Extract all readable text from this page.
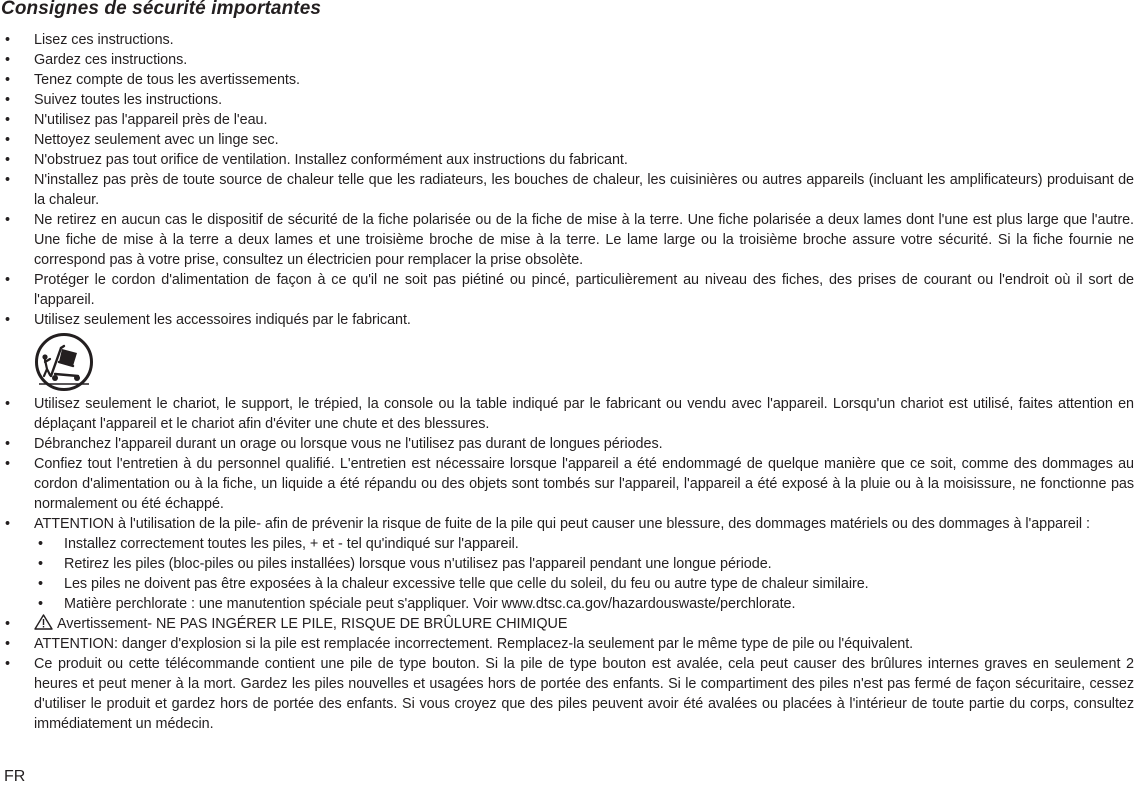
Consignes de sécurité importantes
• Lisez ces instructions.
• Gardez ces instructions.
• Tenez compte de tous les avertissements.
• Suivez toutes les instructions.
• N'utilisez pas l'appareil près de l'eau.
• Nettoyez seulement avec un linge sec.
• N'obstruez pas tout orifice de ventilation. Installez conformément aux instructions du fabricant.
• N'installez pas près de toute source de chaleur telle que les radiateurs, les bouches de chaleur, les cuisinières ou autres appareils (incluant les amplificateurs) produisant de la chaleur.
• Ne retirez en aucun cas le dispositif de sécurité de la fiche polarisée ou de la fiche de mise à la terre. Une fiche polarisée a deux lames dont l'une est plus large que l'autre. Une fiche de mise à la terre a deux lames et une troisième broche de mise à la terre. Le lame large ou la troisième broche assure votre sécurité. Si la fiche fournie ne correspond pas à votre prise, consultez un électricien pour remplacer la prise obsolète.
• Protéger le cordon d'alimentation de façon à ce qu'il ne soit pas piétiné ou pincé, particulièrement au niveau des fiches, des prises de courant ou l'endroit où il sort de l'appareil.
• Utilisez seulement les accessoires indiqués par le fabricant.
• Utilisez seulement le chariot, le support, le trépied, la console ou la table indiqué par le fabricant ou vendu avec l'appareil. Lorsqu'un chariot est utilisé, faites attention en déplaçant l'appareil et le chariot afin d'éviter une chute et des blessures.
• Débranchez l'appareil durant un orage ou lorsque vous ne l'utilisez pas durant de longues périodes.
• Confiez tout l'entretien à du personnel qualifié. L'entretien est nécessaire lorsque l'appareil a été endommagé de quelque manière que ce soit, comme des dommages au cordon d'alimentation ou à la fiche, un liquide a été répandu ou des objets sont tombés sur l'appareil, l'appareil a été exposé à la pluie ou à la moisissure, ne fonctionne pas normalement ou été échappé.
• ATTENTION à l'utilisation de la pile- afin de prévenir la risque de fuite de la pile qui peut causer une blessure, des dommages matériels ou des dommages à l'appareil :
• Installez correctement toutes les piles, + et - tel qu'indiqué sur l'appareil.
• Retirez les piles (bloc-piles ou piles installées) lorsque vous n'utilisez pas l'appareil pendant une longue période.
• Les piles ne doivent pas être exposées à la chaleur excessive telle que celle du soleil, du feu ou autre type de chaleur similaire.
• Matière perchlorate : une manutention spéciale peut s'appliquer. Voir www.dtsc.ca.gov/hazardouswaste/perchlorate.
• Avertissement- NE PAS INGÉRER LE PILE, RISQUE DE BRÛLURE CHIMIQUE
• ATTENTION: danger d'explosion si la pile est remplacée incorrectement. Remplacez-la seulement par le même type de pile ou l'équivalent.
• Ce produit ou cette télécommande contient une pile de type bouton. Si la pile de type bouton est avalée, cela peut causer des brûlures internes graves en seulement 2 heures et peut mener à la mort. Gardez les piles nouvelles et usagées hors de portée des enfants. Si le compartiment des piles n'est pas fermé de façon sécuritaire, cessez d'utiliser le produit et gardez hors de portée des enfants. Si vous croyez que des piles peuvent avoir été avalées ou placées à l'intérieur de toute partie du corps, consultez immédiatement un médecin.
FR
